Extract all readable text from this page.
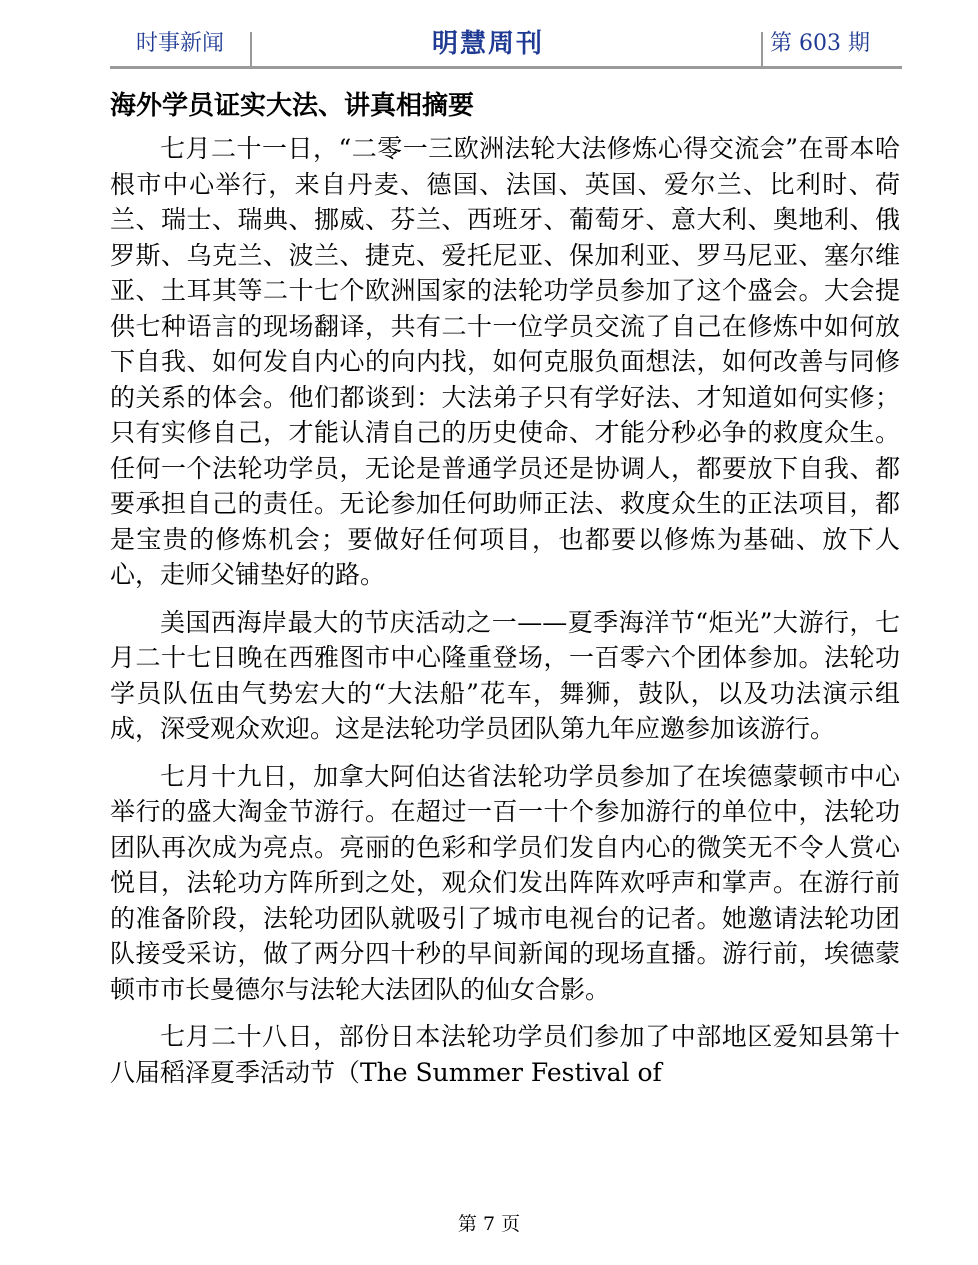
时事新闻	明慧周刊	第 603 期
海外学员证实大法、讲真相摘要

七月二十一日，“二零一三欧洲法轮大法修炼心得交流会”在哥本哈根市中心举行，来自丹麦、德国、法国、英国、爱尔兰、比利时、荷兰、瑞士、瑞典、挪威、芬兰、西班牙、葡萄牙、意大利、奥地利、俄罗斯、乌克兰、波兰、捷克、爱托尼亚、保加利亚、罗马尼亚、塞尔维亚、土耳其等二十七个欧洲国家的法轮功学员参加了这个盛会。大会提供七种语言的现场翻译，共有二十一位学员交流了自己在修炼中如何放下自我、如何发自内心的向内找，如何克服负面想法，如何改善与同修的关系的体会。他们都谈到：大法弟子只有学好法、才知道如何实修；只有实修自己，才能认清自己的历史使命、才能分秒必争的救度众生。任何一个法轮功学员，无论是普通学员还是协调人，都要放下自我、都要承担自己的责任。无论参加任何助师正法、救度众生的正法项目，都是宝贵的修炼机会；要做好任何项目，也都要以修炼为基础、放下人心，走师父铺垫好的路。

美国西海岸最大的节庆活动之一——夏季海洋节“炬光”大游行，七月二十七日晚在西雅图市中心隆重登场，一百零六个团体参加。法轮功学员队伍由气势宏大的“大法船”花车，舞狮，鼓队，以及功法演示组成，深受观众欢迎。这是法轮功学员团队第九年应邀参加该游行。

七月十九日，加拿大阿伯达省法轮功学员参加了在埃德蒙顿市中心举行的盛大淘金节游行。在超过一百一十个参加游行的单位中，法轮功团队再次成为亮点。亮丽的色彩和学员们发自内心的微笑无不令人赏心悦目，法轮功方阵所到之处，观众们发出阵阵欢呼声和掌声。在游行前的准备阶段，法轮功团队就吸引了城市电视台的记者。她邀请法轮功团队接受采访，做了两分四十秒的早间新闻的现场直播。游行前，埃德蒙顿市市长曼德尔与法轮大法团队的仙女合影。

七月二十八日，部份日本法轮功学员们参加了中部地区爱知县第十八届稻泽夏季活动节（The Summer Festival of

第 7 页
